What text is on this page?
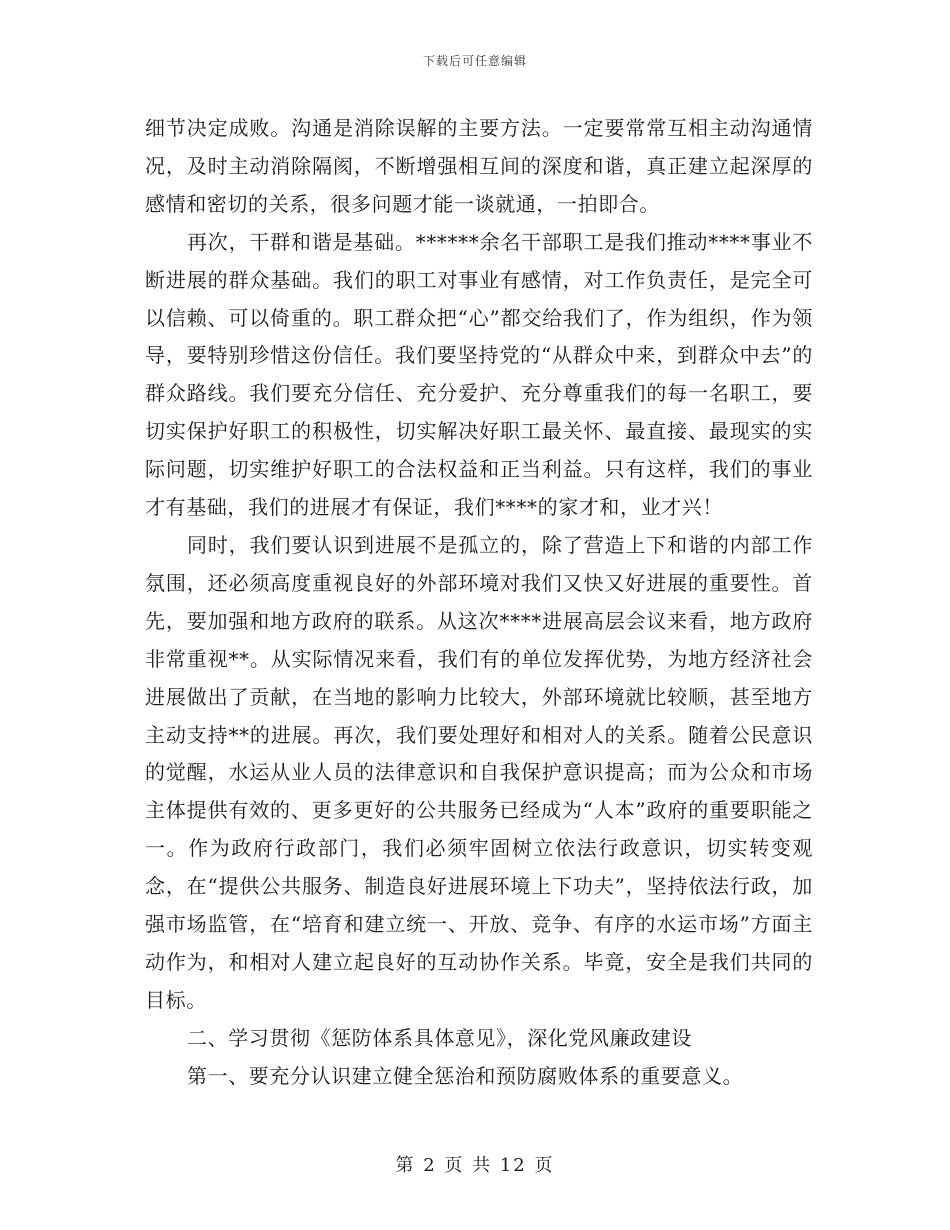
下载后可任意编辑

细节决定成败。沟通是消除误解的主要方法。一定要常常互相主动沟通情况，及时主动消除隔阂，不断增强相互间的深度和谐，真正建立起深厚的感情和密切的关系，很多问题才能一谈就通，一拍即合。

再次，干群和谐是基础。******余名干部职工是我们推动****事业不断进展的群众基础。我们的职工对事业有感情，对工作负责任，是完全可以信赖、可以倚重的。职工群众把“心”都交给我们了，作为组织，作为领导，要特别珍惜这份信任。我们要坚持党的“从群众中来，到群众中去”的群众路线。我们要充分信任、充分爱护、充分尊重我们的每一名职工，要切实保护好职工的积极性，切实解决好职工最关怀、最直接、最现实的实际问题，切实维护好职工的合法权益和正当利益。只有这样，我们的事业才有基础，我们的进展才有保证，我们****的家才和，业才兴！

同时，我们要认识到进展不是孤立的，除了营造上下和谐的内部工作氛围，还必须高度重视良好的外部环境对我们又快又好进展的重要性。首先，要加强和地方政府的联系。从这次****进展高层会议来看，地方政府非常重视**。从实际情况来看，我们有的单位发挥优势，为地方经济社会进展做出了贡献，在当地的影响力比较大，外部环境就比较顺，甚至地方主动支持**的进展。再次，我们要处理好和相对人的关系。随着公民意识的觉醒，水运从业人员的法律意识和自我保护意识提高；而为公众和市场主体提供有效的、更多更好的公共服务已经成为“人本”政府的重要职能之一。作为政府行政部门，我们必须牢固树立依法行政意识，切实转变观念，在“提供公共服务、制造良好进展环境上下功夫”，坚持依法行政，加强市场监管，在“培育和建立统一、开放、竞争、有序的水运市场”方面主动作为，和相对人建立起良好的互动协作关系。毕竟，安全是我们共同的目标。

二、学习贯彻《惩防体系具体意见》，深化党风廉政建设

第一、要充分认识建立健全惩治和预防腐败体系的重要意义。

第 2 页 共 12 页
